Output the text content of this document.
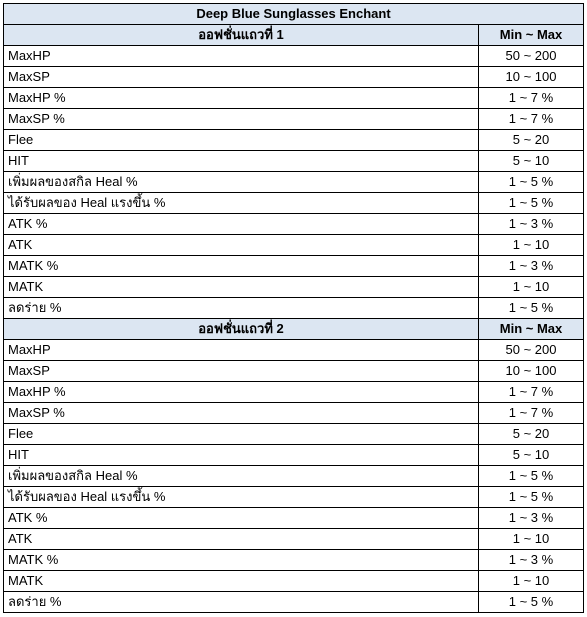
Deep Blue Sunglasses Enchant	
ออฟชั่นแถวที่ 1	Min ~ Max
MaxHP	50 ~ 200
MaxSP	10 ~ 100
MaxHP %	1 ~ 7 %
MaxSP %	1 ~ 7 %
Flee	5 ~ 20
HIT	5 ~ 10
เพิ่มผลของสกิล Heal %	1 ~ 5 %
ได้รับผลของ Heal แรงขึ้น %	1 ~ 5 %
ATK %	1 ~ 3 %
ATK	1 ~ 10
MATK %	1 ~ 3 %
MATK	1 ~ 10
ลดร่าย %	1 ~ 5 %
ออฟชั่นแถวที่ 2	Min ~ Max
MaxHP	50 ~ 200
MaxSP	10 ~ 100
MaxHP %	1 ~ 7 %
MaxSP %	1 ~ 7 %
Flee	5 ~ 20
HIT	5 ~ 10
เพิ่มผลของสกิล Heal %	1 ~ 5 %
ได้รับผลของ Heal แรงขึ้น %	1 ~ 5 %
ATK %	1 ~ 3 %
ATK	1 ~ 10
MATK %	1 ~ 3 %
MATK	1 ~ 10
ลดร่าย %	1 ~ 5 %
